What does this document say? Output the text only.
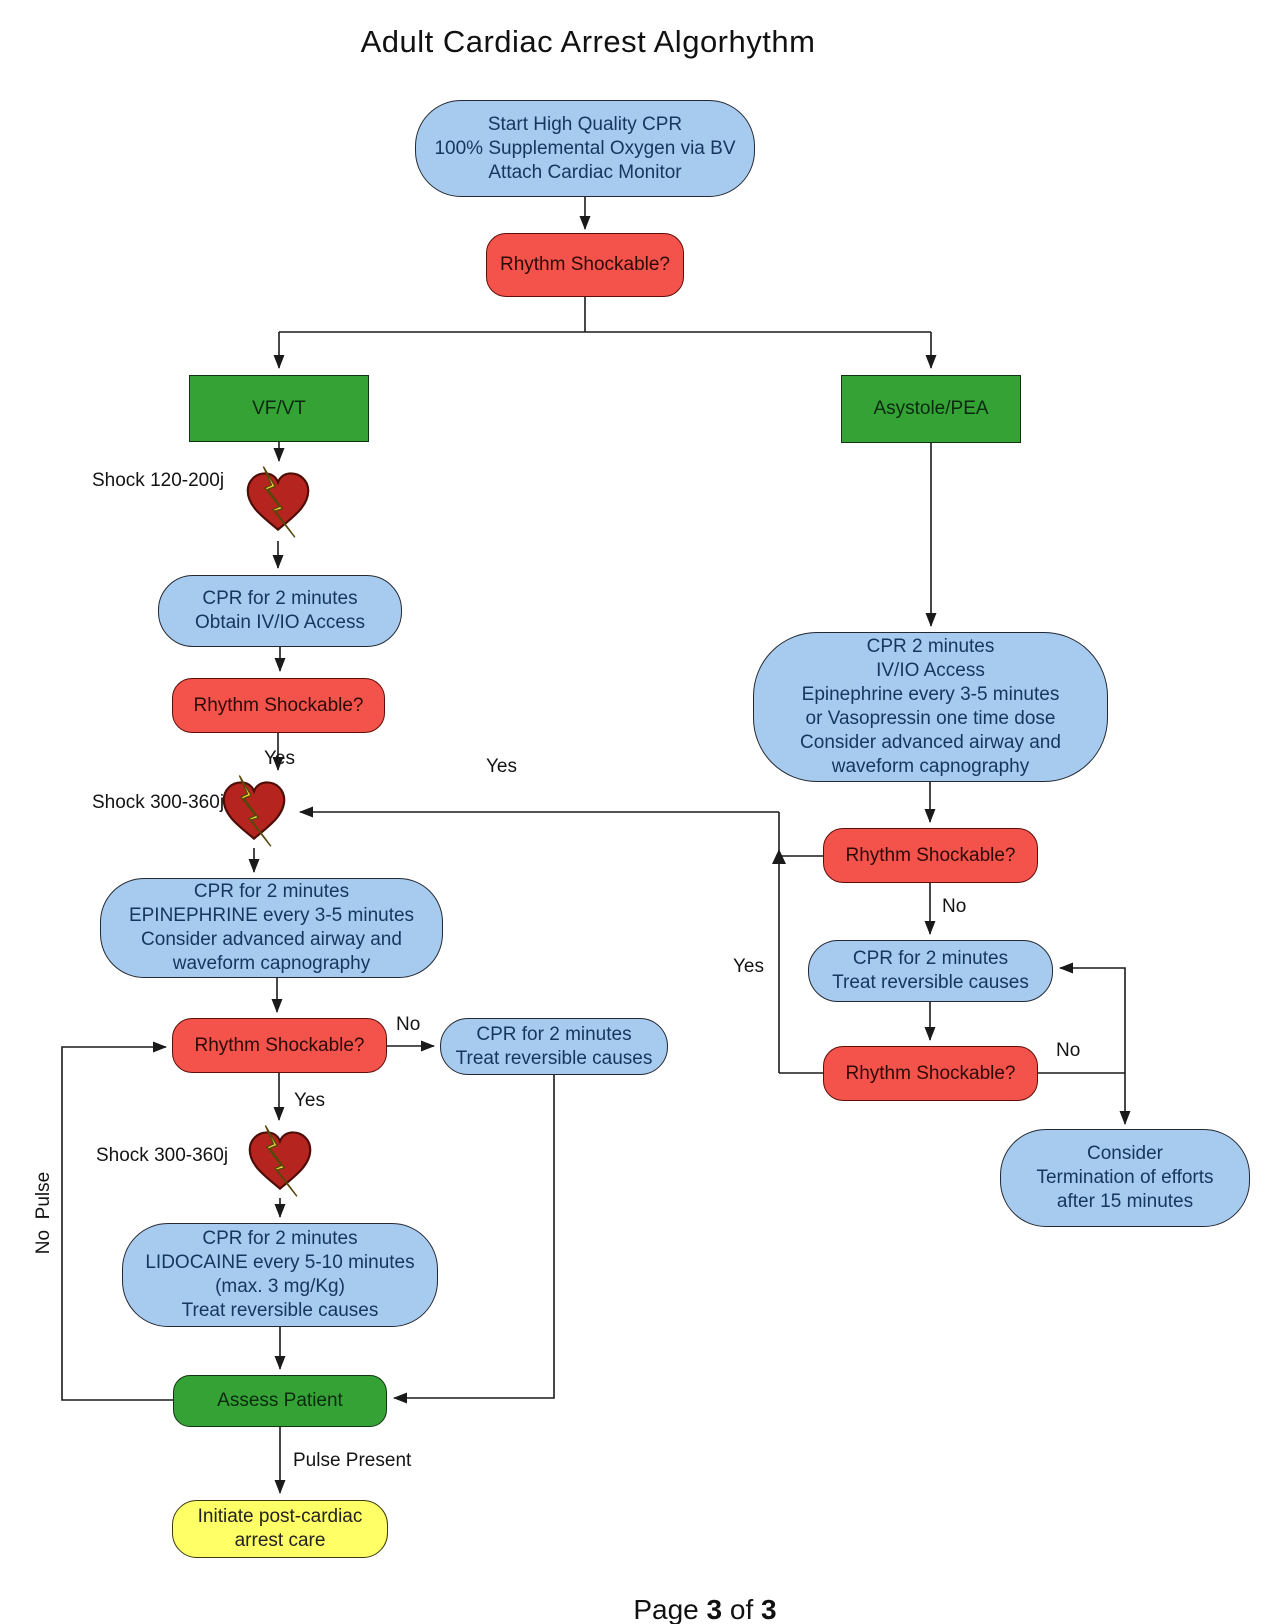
Adult Cardiac Arrest Algorhythm
Start High Quality CPR
100% Supplemental Oxygen via BV
Attach Cardiac Monitor
Rhythm Shockable?
VF/VT	Asystole/PEA
Shock 120-200j
CPR for 2 minutes
Obtain IV/IO Access
Rhythm Shockable?
Yes
Shock 300-360j
Yes
CPR for 2 minutes
EPINEPHRINE every 3-5 minutes
Consider advanced airway and
waveform capnography
Rhythm Shockable?
No	CPR for 2 minutes
Treat reversible causes
Yes
Shock 300-360j
CPR for 2 minutes
LIDOCAINE every 5-10 minutes
(max. 3 mg/Kg)
Treat reversible causes
Assess Patient
No  Pulse
Pulse Present
Initiate post-cardiac
arrest care
CPR 2 minutes
IV/IO Access
Epinephrine every 3-5 minutes
or Vasopressin one time dose
Consider advanced airway and
waveform capnography
Rhythm Shockable?
No
CPR for 2 minutes
Treat reversible causes
Yes
Rhythm Shockable?
No
Consider
Termination of efforts
after 15 minutes
Page 3 of 3
